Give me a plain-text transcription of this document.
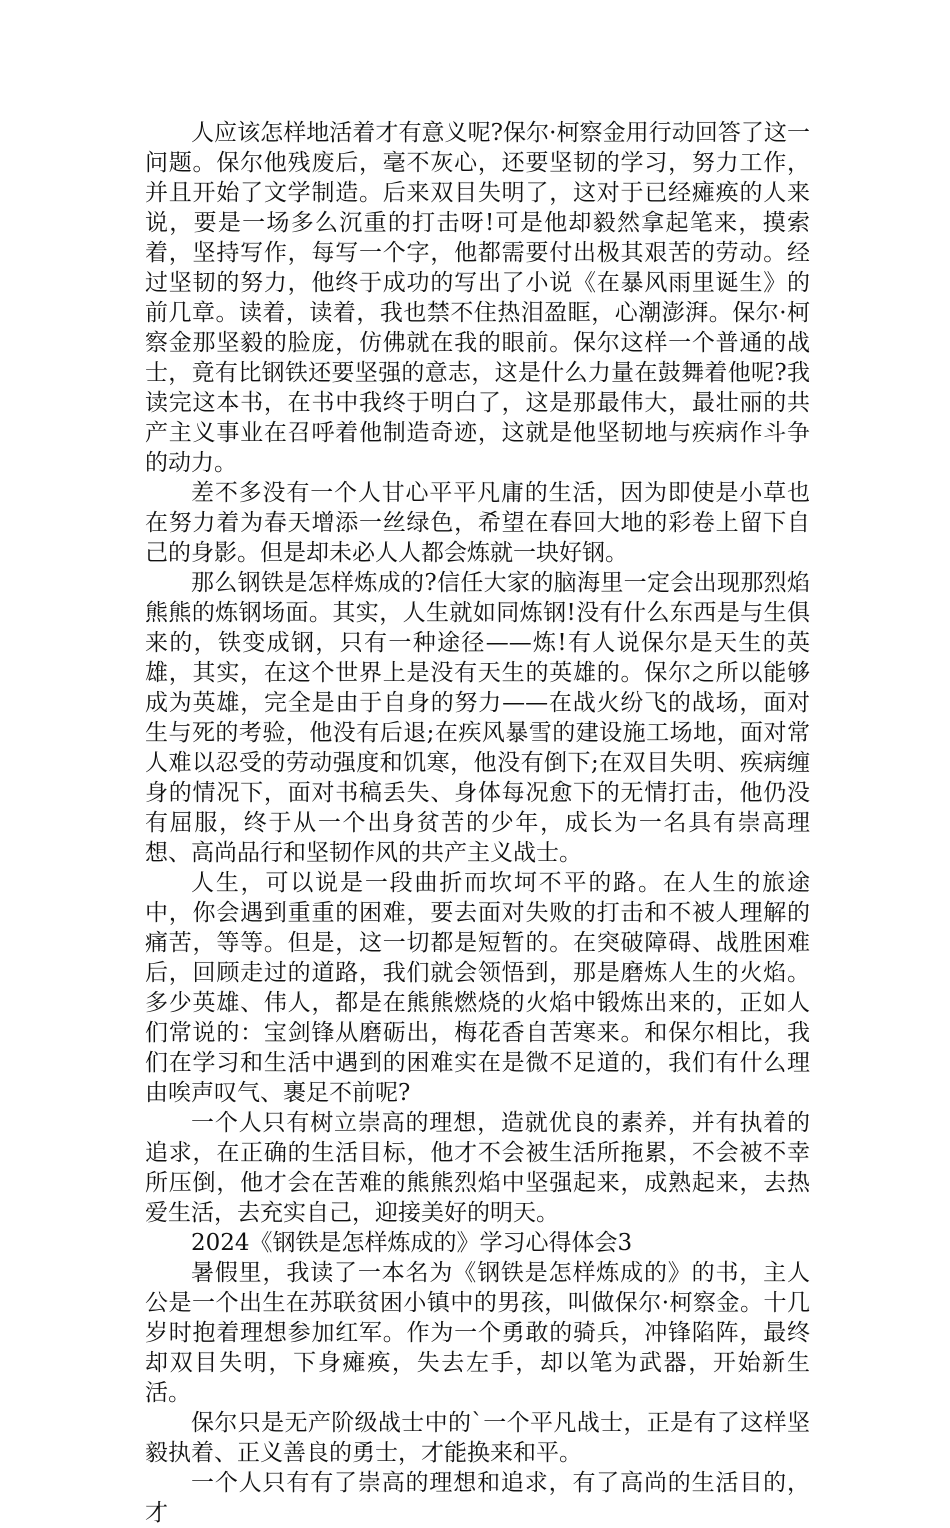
人应该怎样地活着才有意义呢?保尔·柯察金用行动回答了这一问题。保尔他残废后，毫不灰心，还要坚韧的学习，努力工作，并且开始了文学制造。后来双目失明了，这对于已经瘫痪的人来说，要是一场多么沉重的打击呀!可是他却毅然拿起笔来，摸索着，坚持写作，每写一个字，他都需要付出极其艰苦的劳动。经过坚韧的努力，他终于成功的写出了小说《在暴风雨里诞生》的前几章。读着，读着，我也禁不住热泪盈眶，心潮澎湃。保尔·柯察金那坚毅的脸庞，仿佛就在我的眼前。保尔这样一个普通的战士，竟有比钢铁还要坚强的意志，这是什么力量在鼓舞着他呢?我读完这本书，在书中我终于明白了，这是那最伟大，最壮丽的共产主义事业在召呼着他制造奇迹，这就是他坚韧地与疾病作斗争的动力。

差不多没有一个人甘心平平凡庸的生活，因为即使是小草也在努力着为春天增添一丝绿色，希望在春回大地的彩卷上留下自己的身影。但是却未必人人都会炼就一块好钢。

那么钢铁是怎样炼成的?信任大家的脑海里一定会出现那烈焰熊熊的炼钢场面。其实，人生就如同炼钢!没有什么东西是与生俱来的，铁变成钢，只有一种途径——炼!有人说保尔是天生的英雄，其实，在这个世界上是没有天生的英雄的。保尔之所以能够成为英雄，完全是由于自身的努力——在战火纷飞的战场，面对生与死的考验，他没有后退;在疾风暴雪的建设施工场地，面对常人难以忍受的劳动强度和饥寒，他没有倒下;在双目失明、疾病缠身的情况下，面对书稿丢失、身体每况愈下的无情打击，他仍没有屈服，终于从一个出身贫苦的少年，成长为一名具有崇高理想、高尚品行和坚韧作风的共产主义战士。

人生，可以说是一段曲折而坎坷不平的路。在人生的旅途中，你会遇到重重的困难，要去面对失败的打击和不被人理解的痛苦，等等。但是，这一切都是短暂的。在突破障碍、战胜困难后，回顾走过的道路，我们就会领悟到，那是磨炼人生的火焰。多少英雄、伟人，都是在熊熊燃烧的火焰中锻炼出来的，正如人们常说的：宝剑锋从磨砺出，梅花香自苦寒来。和保尔相比，我们在学习和生活中遇到的困难实在是微不足道的，我们有什么理由唉声叹气、裹足不前呢?

一个人只有树立崇高的理想，造就优良的素养，并有执着的追求，在正确的生活目标，他才不会被生活所拖累，不会被不幸所压倒，他才会在苦难的熊熊烈焰中坚强起来，成熟起来，去热爱生活，去充实自己，迎接美好的明天。

2024《钢铁是怎样炼成的》学习心得体会3

暑假里，我读了一本名为《钢铁是怎样炼成的》的书，主人公是一个出生在苏联贫困小镇中的男孩，叫做保尔·柯察金。十几岁时抱着理想参加红军。作为一个勇敢的骑兵，冲锋陷阵，最终却双目失明，下身瘫痪，失去左手，却以笔为武器，开始新生活。

保尔只是无产阶级战士中的`一个平凡战士，正是有了这样坚毅执着、正义善良的勇士，才能换来和平。

一个人只有有了崇高的理想和追求，有了高尚的生活目的，才
